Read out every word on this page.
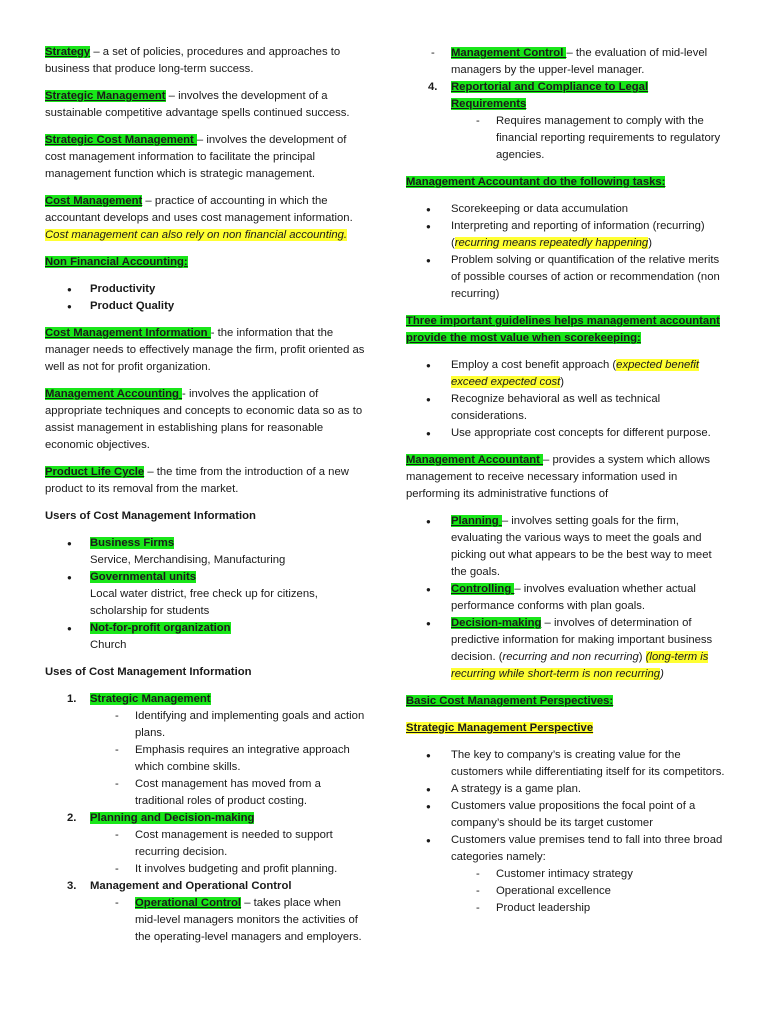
Strategy – a set of policies, procedures and approaches to business that produce long-term success.

Strategic Management – involves the development of a sustainable competitive advantage spells continued success.

Strategic Cost Management – involves the development of cost management information to facilitate the principal management function which is strategic management.

Cost Management – practice of accounting in which the accountant develops and uses cost management information.
Cost management can also rely on non financial accounting.

Non Financial Accounting:

● Productivity
● Product Quality

Cost Management Information - the information that the manager needs to effectively manage the firm, profit oriented as well as not for profit organization.

Management Accounting - involves the application of appropriate techniques and concepts to economic data so as to assist management in establishing plans for reasonable economic objectives.

Product Life Cycle – the time from the introduction of a new product to its removal from the market.

Users of Cost Management Information

● Business Firms
Service, Merchandising, Manufacturing
● Governmental units
Local water district, free check up for citizens, scholarship for students
● Not-for-profit organization
Church

Uses of Cost Management Information

1. Strategic Management
- Identifying and implementing goals and action plans.
- Emphasis requires an integrative approach which combine skills.
- Cost management has moved from a traditional roles of product costing.
2. Planning and Decision-making
- Cost management is needed to support recurring decision.
- It involves budgeting and profit planning.
3. Management and Operational Control
- Operational Control – takes place when mid-level managers monitors the activities of the operating-level managers and employers.
- Management Control – the evaluation of mid-level managers by the upper-level manager.
4. Reportorial and Compliance to Legal Requirements
- Requires management to comply with the financial reporting requirements to regulatory agencies.

Management Accountant do the following tasks:

● Scorekeeping or data accumulation
● Interpreting and reporting of information (recurring) (recurring means repeatedly happening)
● Problem solving or quantification of the relative merits of possible courses of action or recommendation (non recurring)

Three important guidelines helps management accountant provide the most value when scorekeeping:

● Employ a cost benefit approach (expected benefit exceed expected cost)
● Recognize behavioral as well as technical considerations.
● Use appropriate cost concepts for different purpose.

Management Accountant – provides a system which allows management to receive necessary information used in performing its administrative functions of

● Planning – involves setting goals for the firm, evaluating the various ways to meet the goals and picking out what appears to be the best way to meet the goals.
● Controlling – involves evaluation whether actual performance conforms with plan goals.
● Decision-making – involves of determination of predictive information for making important business decision. (recurring and non recurring) (long-term is recurring while short-term is non recurring)

Basic Cost Management Perspectives:

Strategic Management Perspective

● The key to company’s is creating value for the customers while differentiating itself for its competitors.
● A strategy is a game plan.
● Customers value propositions the focal point of a company’s should be its target customer
● Customers value premises tend to fall into three broad categories namely:
- Customer intimacy strategy
- Operational excellence
- Product leadership
